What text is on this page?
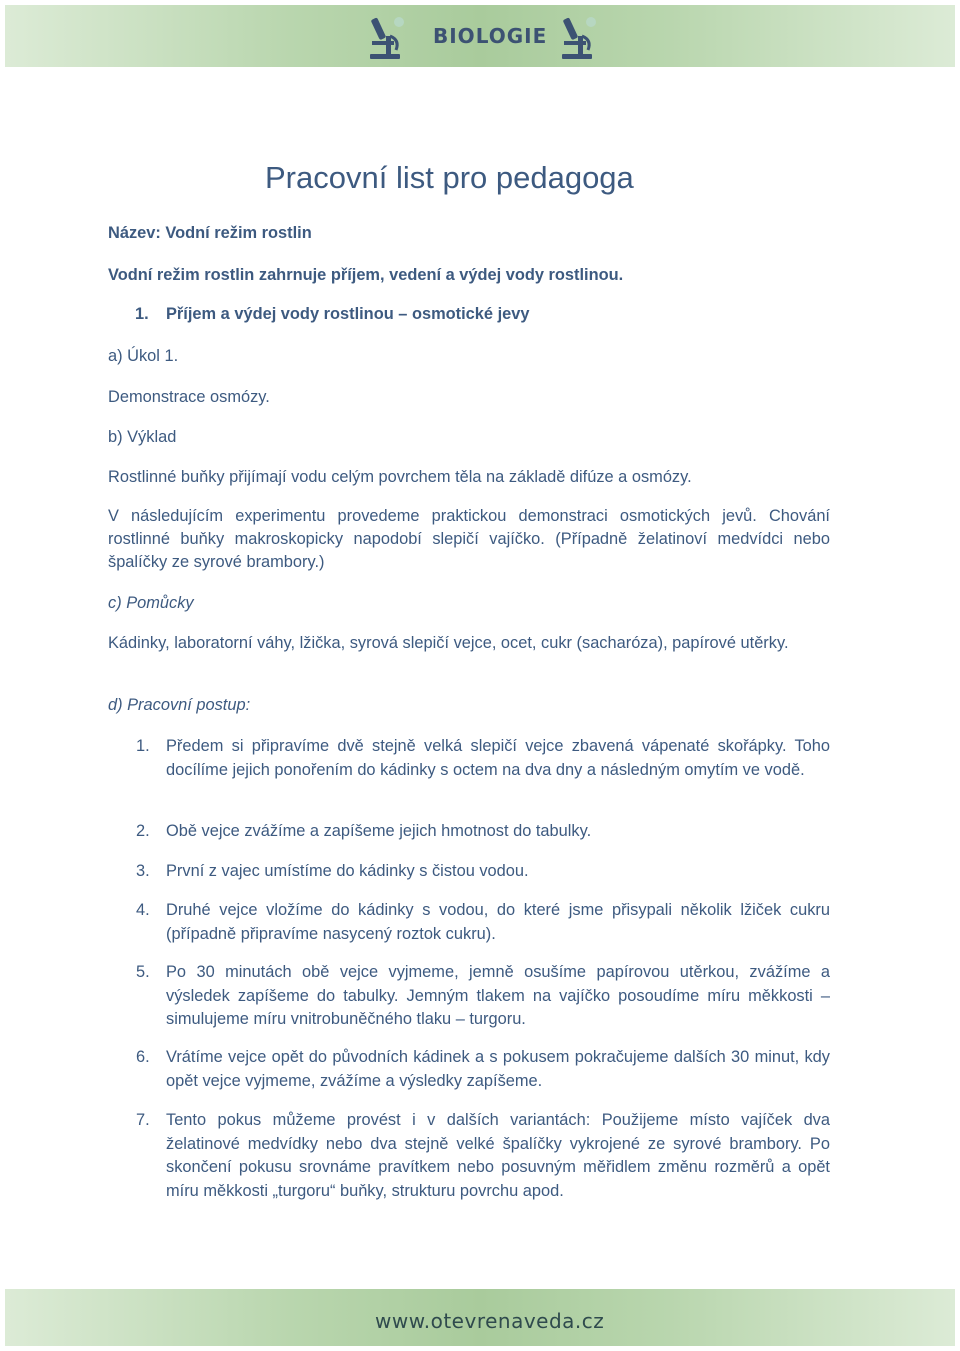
BIOLOGIE
Pracovní list pro pedagoga
Název: Vodní režim rostlin
Vodní režim rostlin zahrnuje příjem, vedení a výdej vody rostlinou.
1. Příjem a výdej vody rostlinou – osmotické jevy
a) Úkol 1.
Demonstrace osmózy.
b) Výklad
Rostlinné buňky přijímají vodu celým povrchem těla na základě difúze a osmózy.
V následujícím experimentu provedeme praktickou demonstraci osmotických jevů. Chování rostlinné buňky makroskopicky napodobí slepičí vajíčko. (Případně želatinoví medvídci nebo špalíčky ze syrové brambory.)
c) Pomůcky
Kádinky, laboratorní váhy, lžička, syrová slepičí vejce, ocet, cukr (sacharóza), papírové utěrky.
d) Pracovní postup:
1. Předem si připravíme dvě stejně velká slepičí vejce zbavená vápenaté skořápky. Toho docílíme jejich ponořením do kádinky s octem na dva dny a následným omytím ve vodě.
2. Obě vejce zvážíme a zapíšeme jejich hmotnost do tabulky.
3. První z vajec umístíme do kádinky s čistou vodou.
4. Druhé vejce vložíme do kádinky s vodou, do které jsme přisypali několik lžiček cukru (případně připravíme nasycený roztok cukru).
5. Po 30 minutách obě vejce vyjmeme, jemně osušíme papírovou utěrkou, zvážíme a výsledek zapíšeme do tabulky. Jemným tlakem na vajíčko posoudíme míru měkkosti – simulujeme míru vnitrobuněčného tlaku – turgoru.
6. Vrátíme vejce opět do původních kádinek a s pokusem pokračujeme dalších 30 minut, kdy opět vejce vyjmeme, zvážíme a výsledky zapíšeme.
7. Tento pokus můžeme provést i v dalších variantách: Použijeme místo vajíček dva želatinové medvídky nebo dva stejně velké špalíčky vykrojené ze syrové brambory. Po skončení pokusu srovnáme pravítkem nebo posuvným měřidlem změnu rozměrů a opět míru měkkosti „turgoru“ buňky, strukturu povrchu apod.
www.otevrenaveda.cz
